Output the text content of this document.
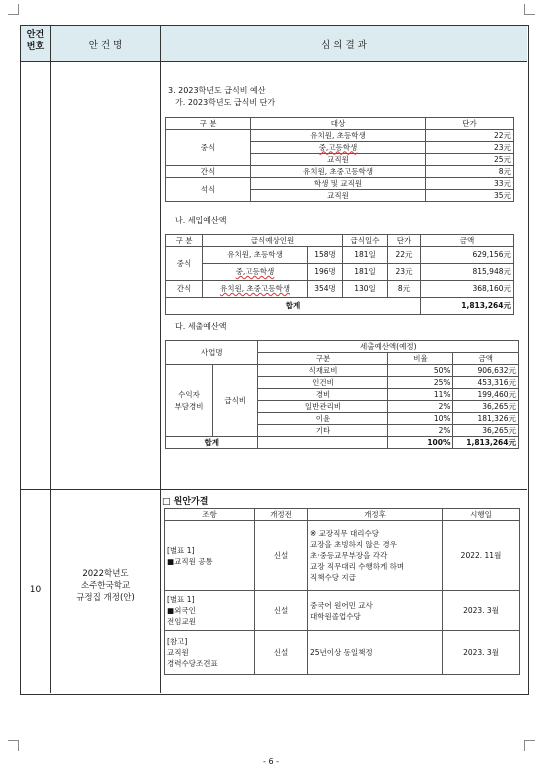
안건
번호	안 건 명	심 의 결 과
3. 2023학년도 급식비 예산
가. 2023학년도 급식비 단가
구 분	대상	단가
중식	유치원, 초등학생	22元
	중,고등학생	23元
	교직원	25元
간식	유치원, 초중고등학생	8元
석식	학생 및 교직원	33元
	교직원	35元
나. 세입예산액
구 분	급식예상인원		급식일수	단가	금액
중식	유치원, 초등학생	158명	181일	22元	629,156元
	중,고등학생	196명	181일	23元	815,948元
간식	유치원, 초중고등학생	354명	130일	8元	368,160元
합계					1,813,264元
다. 세출예산액
사업명		세출예산액(예정)		
		구분	비율	금액
수익자
부담경비	급식비	식재료비	50%	906,632元
		인건비	25%	453,316元
		경비	11%	199,460元
		일반관리비	2%	36,265元
		이윤	10%	181,326元
		기타	2%	36,265元
합계			100%	1,813,264元
10
2022학년도
소주한국학교
규정집 개정(안)
□ 원안가결
조항	개정전	개정후	시행일
[별표 1]
■교직원 공통	신설	※ 교장직무 대리수당
교장을 초빙하지 않은 경우
초·중등교무부장을 각각
교장 직무대리 수행하게 하며
직책수당 지급	2022. 11월
[별표 1]
■외국인
전임교원	신설	중국어 원어민 교사
대학원졸업수당	2023. 3월
[참고]
교직원
경력수당조견표	신설	25년이상 동일책정	2023. 3월
- 6 -
